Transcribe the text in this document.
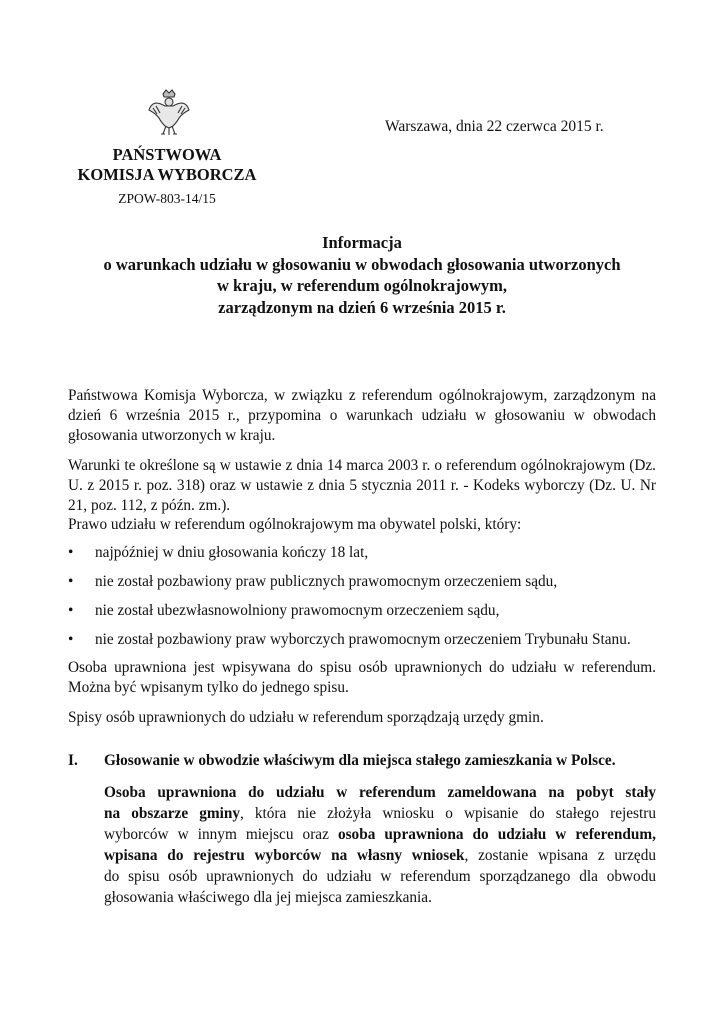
Warszawa, dnia 22 czerwca 2015 r.
PAŃSTWOWA
KOMISJA WYBORCZA
ZPOW-803-14/15
Informacja
o warunkach udziału w głosowaniu w obwodach głosowania utworzonych
w kraju, w referendum ogólnokrajowym,
zarządzonym na dzień 6 września 2015 r.
Państwowa Komisja Wyborcza, w związku z referendum ogólnokrajowym, zarządzonym na dzień 6 września 2015 r., przypomina o warunkach udziału w głosowaniu w obwodach głosowania utworzonych w kraju.
Warunki te określone są w ustawie z dnia 14 marca 2003 r. o referendum ogólnokrajowym (Dz. U. z 2015 r. poz. 318) oraz w ustawie z dnia 5 stycznia 2011 r. - Kodeks wyborczy (Dz. U. Nr 21, poz. 112, z późn. zm.).
Prawo udziału w referendum ogólnokrajowym ma obywatel polski, który:
• najpóźniej w dniu głosowania kończy 18 lat,
• nie został pozbawiony praw publicznych prawomocnym orzeczeniem sądu,
• nie został ubezwłasnowolniony prawomocnym orzeczeniem sądu,
• nie został pozbawiony praw wyborczych prawomocnym orzeczeniem Trybunału Stanu.
Osoba uprawniona jest wpisywana do spisu osób uprawnionych do udziału w referendum. Można być wpisanym tylko do jednego spisu.
Spisy osób uprawnionych do udziału w referendum sporządzają urzędy gmin.
I. Głosowanie w obwodzie właściwym dla miejsca stałego zamieszkania w Polsce.
Osoba uprawniona do udziału w referendum zameldowana na pobyt stały
na obszarze gminy, która nie złożyła wniosku o wpisanie do stałego rejestru
wyborców w innym miejscu oraz osoba uprawniona do udziału w referendum,
wpisana do rejestru wyborców na własny wniosek, zostanie wpisana z urzędu
do spisu osób uprawnionych do udziału w referendum sporządzanego dla obwodu
głosowania właściwego dla jej miejsca zamieszkania.
